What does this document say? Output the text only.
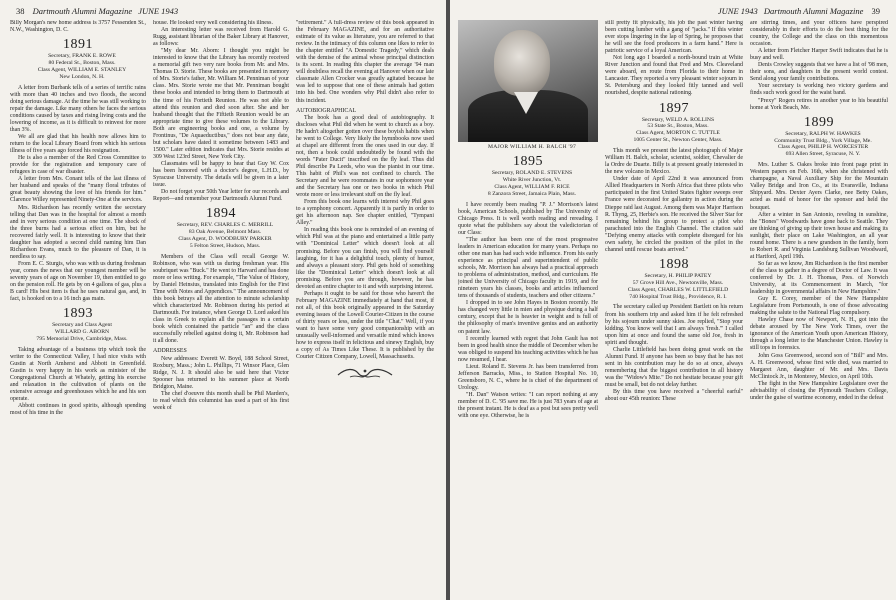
38 Dartmouth Alumni Magazine JUNE 1943

Billy Morgan's new home address is 3757 Fessenden St., N.W., Washington, D. C.

1891

Secretary, FRANK E. ROWE

80 Federal St., Boston, Mass.

Class Agent, WILLIAM E. STANLEY

New London, N. H.

A letter from Burbank tells of a series of terrific rains with more than 40 inches and two floods, the second doing serious damage. At the time he was still working to repair the damage. Like many others he faces the serious conditions caused by taxes and rising living costs and the lowering of income, as it is difficult to reinvest for more than 3%.

We all are glad that his health now allows him to return to the local Library Board from which his serious illness of five years ago forced his resignation.

He is also a member of the Red Cross Committee to provide for the registration and temporary care of refugees in case of war disaster.

A letter from Mrs. Conant tells of the last illness of her husband and speaks of the "many floral tributes of great beauty showing the love of his friends for him." Clarence Willey represented Ninety-One at the services.

Mrs. Richardson has recently written the secretary telling that Dan was in the hospital for almost a month and in very serious condition at one time. The shock of the three burns had a serious effect on him, but he recovered fairly well. It is interesting to know that their daughter has adopted a second child naming him Dan Richardson Evans, much to the pleasure of Dan, it is needless to say.

From E. C. Sturgis, who was with us during freshman year, comes the news that our youngest member will be seventy years of age on November 19, then entitled to go on the pension roll. He gets by on 4 gallons of gas, plus a B card! His best item is that he uses natural gas, and, in fact, is hooked on to a 16 inch gas main.

1893

Secretary and Class Agent

WILLARD G. ABORN

795 Memorial Drive, Cambridge, Mass.

Taking advantage of a business trip which took the writer to the Connecticut Valley, I had nice visits with Gustin at North Amherst and Abbott in Greenfield. Gustin is very happy in his work as minister of the Congregational Church at Whately, getting his exercise and relaxation in the cultivation of plants on the extensive acreage and greenhouses which he and his son operate.

Abbott continues in good spirits, although spending most of his time in the

house. He looked very well considering his illness.

An interesting letter was received from Harold G. Rugg, assistant librarian of the Baker Library at Hanover, as follows:

"My dear Mr. Aborn: I thought you might be interested to know that the Library has recently received a memorial gift two very rare books from Mr. and Mrs. Thomas D. Storie. These books are presented in memory of Mrs. Storie's father, Mr. William M. Penniman of your class. Mrs. Storie wrote me that Mr. Penniman bought these books and intended to bring them to Dartmouth at the time of his Fortieth Reunion. He was not able to attend this reunion and died soon after. She and her husband thought that the Fiftieth Reunion would be an appropriate time to give these volumes to the Library. Both are engineering books and one, a volume by Frontinus, "De Aquaeductibus," does not bear any date, but scholars have dated it sometime between 1483 and 1500." Later edition indicates that Mrs. Storie resides at 309 West 123rd Street, New York City.

Classmates will be happy to hear that Guy W. Cox has been honored with a doctor's degree, L.H.D., by Syracuse University. The details will be given in a later issue.

Do not forget your 50th Year letter for our records and Report—and remember your Dartmouth Alumni Fund.

1894

Secretary, REV. CHARLES C. MERRILL

83 Oak Avenue, Belmont Mass.

Class Agent, D. WOODBURY PARKER

5 Felton Street, Hudson, Mass.

Members of the Class will recall George W. Robinson, who was with us during freshman year. His soubriquet was "Buck." He went to Harvard and has done more or less writing. For example, "The Value of History, by Daniel Heinsius, translated into English for the First Time with Notes and Appendices." The announcement of this book betrays all the attention to minute scholarship which characterized Mr. Robinson during his period at Dartmouth. For instance, when George D. Lord asked his class in Greek to explain all the passages in a certain book which contained the particle "an" and the class successfully rebelled against doing it, Mr. Robinson had it all done.

ADDRESSES

New addresses: Everett W. Boyd, 188 School Street, Roxbury, Mass.; John L. Phillips, 71 Winsor Place, Glen Ridge, N. J. It should also be said here that Victor Spooner has returned to his summer place at North Bridgton, Maine.

The chef d'oeuvre this month shall be Phil Marden's, to read which this columnist has used a part of his first week of

"retirement." A full-dress review of this book appeared in the February MAGAZINE, and for an authoritative estimate of its value as literature, you are referred to that review. In the intimacy of this column one likes to refer to the chapter entitled "A Domestic Tragedy," which deals with the demise of the animal whose principal distinction is its scent. In reading this chapter the average '94 man will doubtless recall the evening at Hanover when our late classmate Allen Crocker was greatly agitated because he was led to suppose that one of these animals had gotten into his bed. One wonders why Phil didn't also refer to this incident.

AUTOBIOGRAPHICAL

The book has a good deal of autobiography. It discloses what Phil did when he went to church as a boy. He hadn't altogether gotten over these boyish habits when he went to College. Very likely the hymnbooks now used at chapel are different from the ones used in our day. If not, then a book could undoubtedly be found with the words "Pater Ducit" inscribed on the fly leaf. Thus did Phil describe Pa Leeds, who was the pianist in our time. This habit of Phil's was not confined to church. The Secretary and he were roommates in our sophomore year and the Secretary has one or two books in which Phil wrote more or less irrelevant stuff on the fly leaf.

From this book one learns with interest why Phil goes to a symphony concert. Apparently it is partly in order to get his afternoon nap. See chapter entitled, "Tympani Alley."

In reading this book one is reminded of an evening of which Phil was at the piano and entertained a little party with "Dominical Letter" which doesn't look at all promising. Before you can finish, you will find yourself laughing, for it has a delightful touch, plenty of humor, and always a pleasant story. Phil gets hold of something like the "Dominical Letter" which doesn't look at all promising. Before you are through, however, he has devoted an entire chapter to it and with surprising interest.

Perhaps it ought to be said for those who haven't the February MAGAZINE immediately at hand that most, if not all, of this book originally appeared in the Saturday evening issues of the Lowell Courier-Citizen in the course of thirty years or less, under the title "Chat." Well, if you want to have some very good companionship with an unusually well-informed and versatile mind which knows how to express itself in felicitous and sinewy English, buy a copy of As Times Like These. It is published by the Courier Citizen Company, Lowell, Massachusetts.

JUNE 1943 Dartmouth Alumni Magazine 39

MAJOR WILLIAM H. BALCH '97

1895

Secretary, ROLAND E. STEVENS

White River Junction, Vt.

Class Agent, WILLIAM F. RICE

8 Zanzora Street, Jamaica Plain, Mass.

I have recently been reading "P. J." Morrison's latest book, American Schools, published by The University of Chicago Press. It is well worth reading and rereading. I quote what the publishers say about the valedictorian of our Class:

"The author has been one of the most progressive leaders in American education for many years. Perhaps no other one man has had such wide influence. From his early experience as principal and superintendent of public schools, Mr. Morrison has always had a practical approach to problems of administration, method, and curriculum. He joined the University of Chicago faculty in 1919, and for nineteen years his classes, books and articles influenced tens of thousands of students, teachers and other citizens."

I dropped in to see John Hayes in Boston recently. He has changed very little in mien and physique during a half century, except that he is heavier in weight and is full of the philosophy of man's inventive genius and an authority on patent law.

I recently learned with regret that John Gault has not been in good health since the middle of December when he was obliged to suspend his teaching activities which he has now resumed, I hear.

Lieut. Roland E. Stevens Jr. has been transferred from Jefferson Barracks, Miss., to Station Hospital No. 10, Greensboro, N. C., where he is chief of the department of Urology.

"H. Dan" Watson writes: "I can report nothing at any member of D. C. '95 save me. He is just 783 years of age at the present instant. He is deaf as a post but sees pretty well with one eye. Otherwise, he is

still pretty fit physically, his job the past winter having been cutting lumber with a gang of "jacks." If this winter ever stops lingering in the lap of Spring, he proposes that he will see the food producers in a farm hand." Here is patriotic service of a loyal American.

Not long ago I boarded a north-bound train at White River Junction and found that Fred and Mrs. Cleaveland were aboard, en route from Florida to their home in Lancaster. They reported a very pleasant winter sojourn in St. Petersburg and they looked fitly tanned and well nourished, despite national rationing.

1897

Secretary, WELD A. ROLLINS

53 State St., Boston, Mass.

Class Agent, MORTON C. TUTTLE

1005 Center St., Newton Center, Mass.

This month we present the latest photograph of Major William H. Balch, scholar, scientist, soldier, Chevalier de la Ordre de Duarte. Billy is at present greatly interested in the new volcano in Mexico.

Under date of April 22nd it was announced from Allied Headquarters in North Africa that three pilots who participated in the first United States fighter sweeps over France were decorated for gallantry in action during the Dieppe raid last August. Among them was Major Harrison R. Thyng, 25, Herbie's son. He received the Silver Star for remaining behind his group to protect a pilot who parachuted into the English Channel. The citation said "Defying enemy attacks with complete disregard for his own safety, he circled the position of the pilot in the channel until rescue boats arrived."

1898

Secretary, H. PHILIP PATEY

57 Grove Hill Ave., Newtonville, Mass.

Class Agent, CHARLES W. LITTLEFIELD

740 Hospital Trust Bldg., Providence, R. I.

The secretary called up President Bartlett on his return from his southern trip and asked him if he felt refreshed by his sojourn under sunny skies. Joe replied, "Stop your kidding. You know well that I am always 'fresh.'" I called upon him at once and found the same old Joe, fresh in spirit and thought.

Charlie Littlefield has been doing great work on the Alumni Fund. If anyone has been so busy that he has not sent in his contribution may he do so at once, always remembering that the biggest contribution in all history was the "Widow's Mite." Do not hesitate because your gift must be small, but do not delay further.

By this time you have received a "cheerful earful" about our 45th reunion: These

are stirring times, and your officers have perspired considerably in their efforts to do the best thing for the country, the College and the class on this momentous occasion.

A letter from Fletcher Harper Swift indicates that he is busy and well.

Denis Crowley suggests that we have a list of '98 men, their sons, and daughters in the present world contest. Send along your family contributions.

Your secretary is working two victory gardens and finds such work good for the waist band.

"Prexy" Rogers retires in another year to his beautiful home at York Beach, Me.

1899

Secretary, RALPH W. HAWKES

Community Trust Bldg., York Village, Me.

Class Agent, PHILIP H. WORCESTER

693 Allen Street, Syracuse, N. Y.

Mrs. Luther S. Oakes broke into front page print in Western papers on Feb. 16th, when she christened with champagne, a Naval Auxiliary Ship for the Mountain Valley Bridge and Iron Co., at its Evansville, Indiana Shipyard. Mrs. Dexter Ayers Clarke, nee Betty Oakes, acted as maid of honor for the sponsor and held the bouquet.

After a winter in San Antonio, reveling in sunshine, the "Bones" Woodwards have gone back to Seattle. They are thinking of giving up their town house and making its sunlight, their place on Lake Washington, an all year round home. There is a new grandson in the family, born to Robert R. and Virginia Landsburg Sullivan Woodward, at Hartford, April 19th.

So far as we know, Jim Richardson is the first member of the class to gather in a degree of Doctor of Law. It was conferred by Dr. J. H. Thomas, Pres. of Norwich University, at its Commencement in March, "for leadership in governmental affairs in New Hampshire."

Guy E. Corey, member of the New Hampshire Legislature from Portsmouth, is one of those advocating making the salute to the National Flag compulsory.

Hawley Chase now of Newport, N. H., got into the debate aroused by The New York Times, over the ignorance of the American Youth upon American History, through a long letter to the Manchester Union. Hawley is still tops in forensics.

John Goss Greenwood, second son of "Bill" and Mrs. A. H. Greenwood, whose first wife died, was married to Margaret Ann, daughter of Mr. and Mrs. Davis McClintock Jr., in Monterey, Mexico, on April 10th.

The fight in the New Hampshire Legislature over the advisability of closing the Plymouth Teachers College, under the guise of wartime economy, ended in the defeat
